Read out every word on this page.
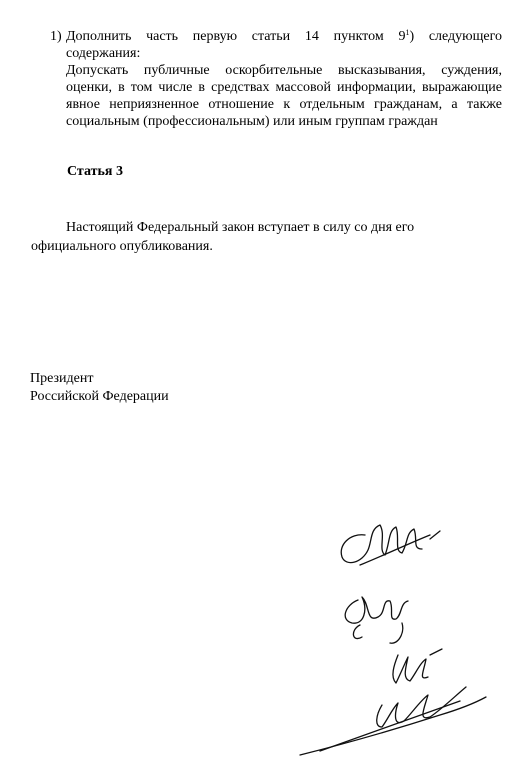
1) Дополнить часть первую статьи 14 пунктом $9^1$) следующего
содержания:
Допускать публичные оскорбительные высказывания, суждения,
оценки, в том числе в средствах массовой информации, выражающие
явное неприязненное отношение к отдельным гражданам, а также
социальным (профессиональным) или иным группам граждан
Статья 3
Настоящий Федеральный закон вступает в силу со дня его
официального опубликования.
Президент
Российской Федерации
